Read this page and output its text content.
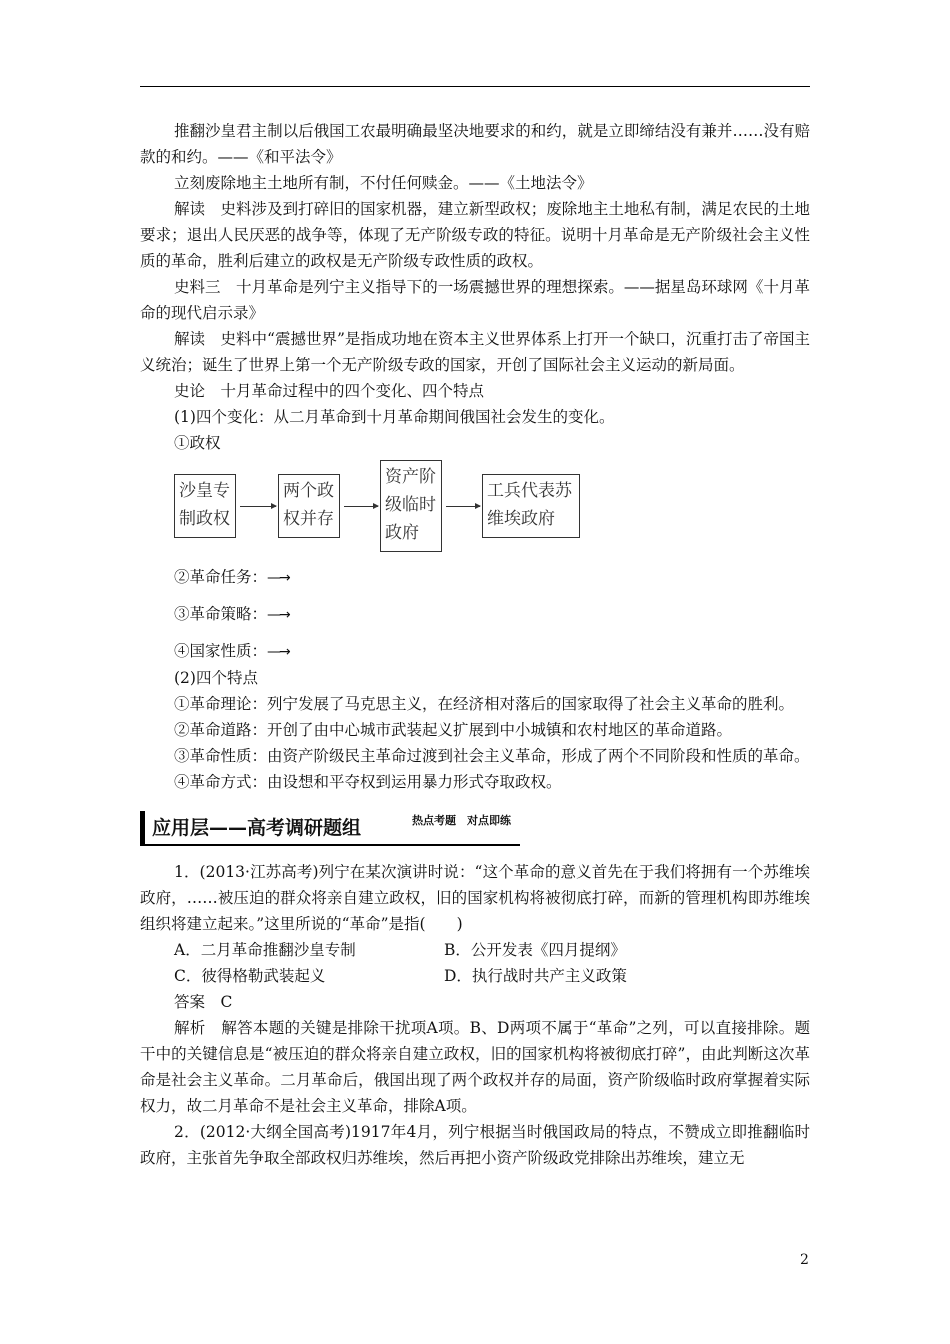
推翻沙皇君主制以后俄国工农最明确最坚决地要求的和约，就是立即缔结没有兼并……没有赔款的和约。——《和平法令》

立刻废除地主土地所有制，不付任何赎金。——《土地法令》

解读　史料涉及到打碎旧的国家机器，建立新型政权；废除地主土地私有制，满足农民的土地要求；退出人民厌恶的战争等，体现了无产阶级专政的特征。说明十月革命是无产阶级社会主义性质的革命，胜利后建立的政权是无产阶级专政性质的政权。

史料三　十月革命是列宁主义指导下的一场震撼世界的理想探索。——据星岛环球网《十月革命的现代启示录》

解读　史料中“震撼世界”是指成功地在资本主义世界体系上打开一个缺口，沉重打击了帝国主义统治；诞生了世界上第一个无产阶级专政的国家，开创了国际社会主义运动的新局面。

史论　十月革命过程中的四个变化、四个特点

(1)四个变化：从二月革命到十月革命期间俄国社会发生的变化。

①政权

沙皇专
制政权
两个政
权并存
资产阶
级临时
政府
工兵代表苏
维埃政府

②革命任务：—→

③革命策略：—→

④国家性质：—→

(2)四个特点

①革命理论：列宁发展了马克思主义，在经济相对落后的国家取得了社会主义革命的胜利。

②革命道路：开创了由中心城市武装起义扩展到中小城镇和农村地区的革命道路。

③革命性质：由资产阶级民主革命过渡到社会主义革命，形成了两个不同阶段和性质的革命。

④革命方式：由设想和平夺权到运用暴力形式夺取政权。

应用层——高考调研题组	热点考题　对点即练

1．(2013·江苏高考)列宁在某次演讲时说：“这个革命的意义首先在于我们将拥有一个苏维埃政府，……被压迫的群众将亲自建立政权，旧的国家机构将被彻底打碎，而新的管理机构即苏维埃组织将建立起来。”这里所说的“革命”是指(　　)

A．二月革命推翻沙皇专制	B．公开发表《四月提纲》
C．彼得格勒武装起义	D．执行战时共产主义政策

答案　C

解析　解答本题的关键是排除干扰项A项。B、D两项不属于“革命”之列，可以直接排除。题干中的关键信息是“被压迫的群众将亲自建立政权，旧的国家机构将被彻底打碎”，由此判断这次革命是社会主义革命。二月革命后，俄国出现了两个政权并存的局面，资产阶级临时政府掌握着实际权力，故二月革命不是社会主义革命，排除A项。

2．(2012·大纲全国高考)1917年4月，列宁根据当时俄国政局的特点，不赞成立即推翻临时政府，主张首先争取全部政权归苏维埃，然后再把小资产阶级政党排除出苏维埃，建立无

2
